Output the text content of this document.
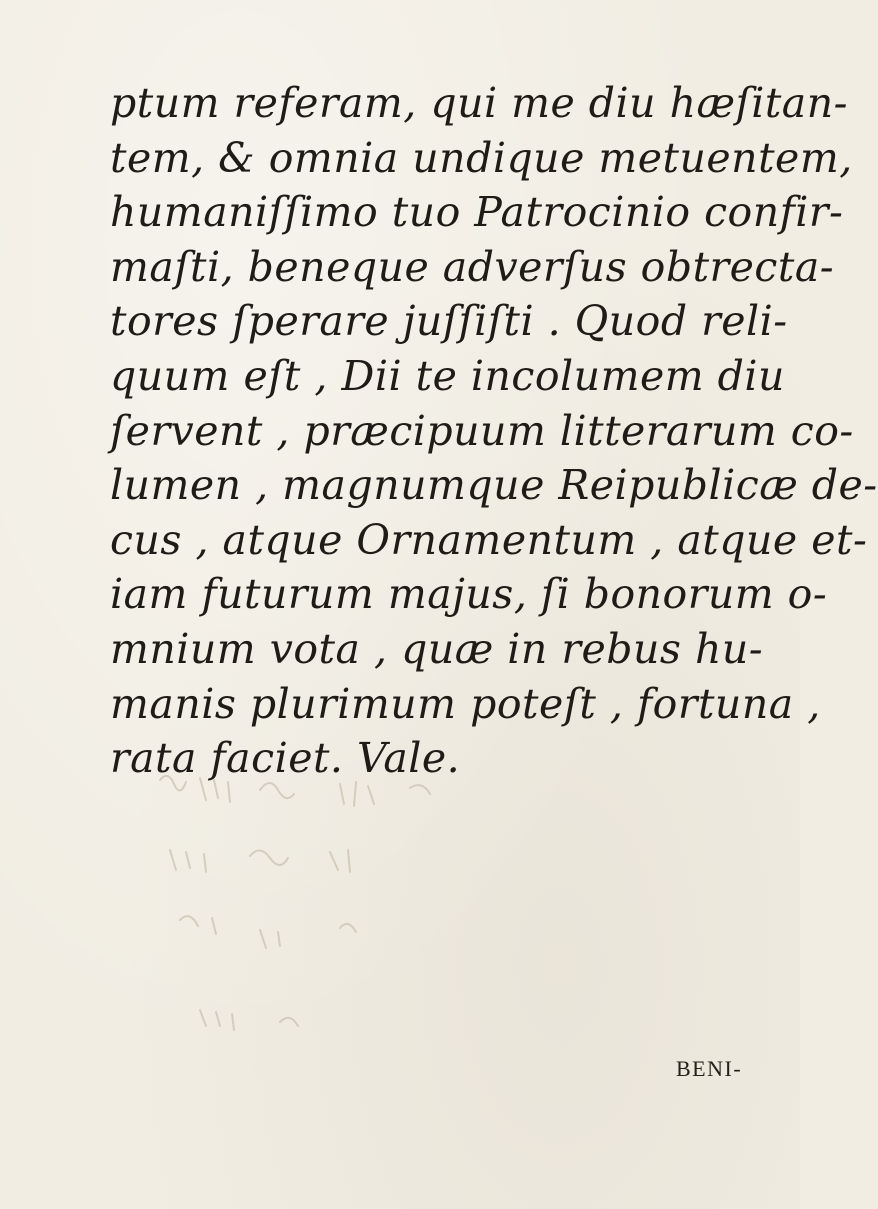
ptum referam, qui me diu hæſitan-
tem, & omnia undique metuentem,
humaniſſimo tuo Patrocinio confir-
maſti, beneque adverſus obtrecta-
tores ſperare juſſiſti . Quod reli-
quum eſt , Dii te incolumem diu
ſervent , præcipuum litterarum co-
lumen , magnumque Reipublicæ de-
cus , atque Ornamentum , atque et-
iam futurum majus, ſi bonorum o-
mnium vota , quæ in rebus hu-
manis plurimum poteſt , fortuna ,
rata faciet. Vale.
BENI-
